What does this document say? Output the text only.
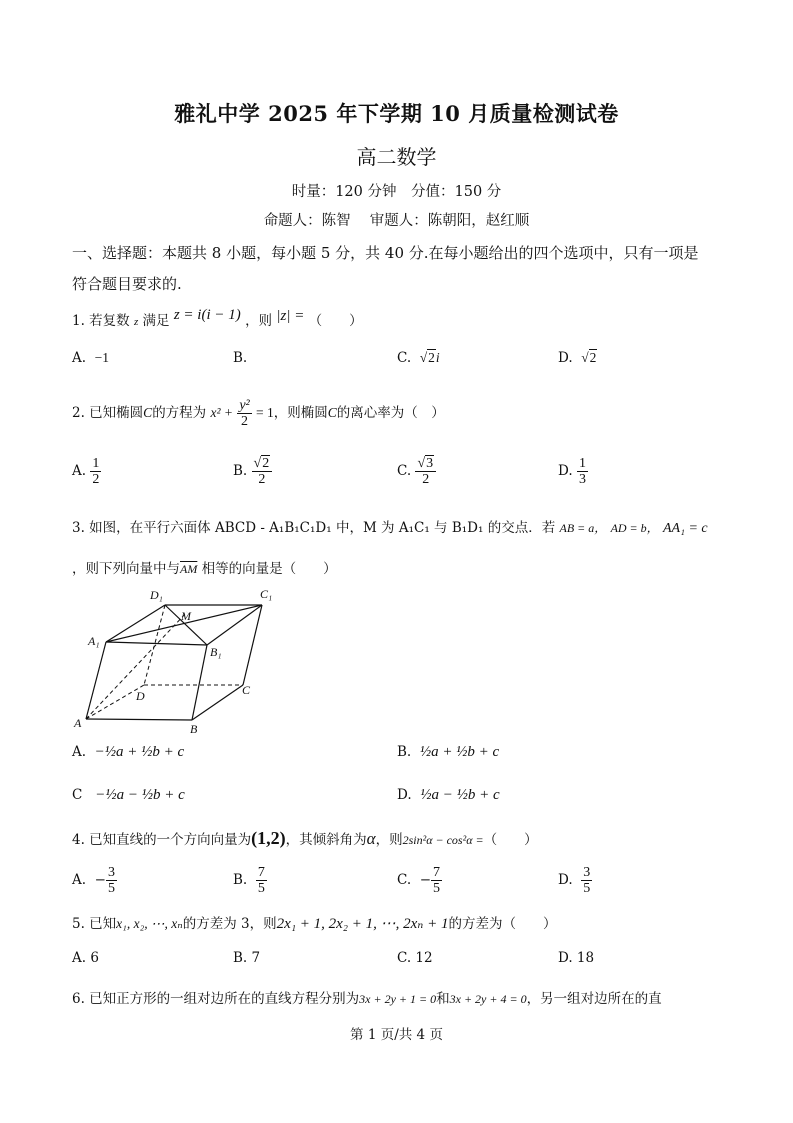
雅礼中学 2025 年下学期 10 月质量检测试卷
高二数学
时量：120 分钟　分值：150 分
命题人：陈智　 审题人：陈朝阳，赵红顺
一、选择题：本题共 8 小题，每小题 5 分，共 40 分.在每小题给出的四个选项中，只有一项是
符合题目要求的.
1. 若复数 z 满足 z = i(i − 1) ，则 |z| = （　　）
A. −1	B.	C. √2i	D. √2
2. 已知椭圆C的方程为 $x^2 + \frac{\text{y²}}{2} = 1$，则椭圆C的离心率为（　）
A. $\frac{1}{2}$	B. $\frac{√2}{2}$	C. $\frac{√3}{2}$	D. $\frac{1}{3}$
3. 如图，在平行六面体 ABCD - A₁B₁C₁D₁ 中，M 为 A₁C₁ 与 B₁D₁ 的交点．若 AB = a， AD = b， AA₁ = c
，则下列向量中与$\overline{AM}$ 相等的向量是（　　）
D₁	C₁
M
A₁
B₁
D	C
A	B
A. −½a + ½b + c	B. ½a + ½b + c
C −½a − ½b + c	D. ½a − ½b + c
4. 已知直线的一个方向向量为(1,2)，其倾斜角为α，则2sin²α − cos²α =（　　）
A. − $\frac{3}{5}$	B. $\frac{7}{5}$	C. − $\frac{7}{5}$	D. $\frac{3}{5}$
5. 已知x₁, x₂, ⋯, xₙ的方差为 3，则2x₁ + 1, 2x₂ + 1, ⋯, 2xₙ + 1的方差为（　　）
A. 6	B. 7	C. 12	D. 18
6. 已知正方形的一组对边所在的直线方程分别为3x + 2y + 1 = 0和3x + 2y + 4 = 0，另一组对边所在的直
第 1 页/共 4 页
